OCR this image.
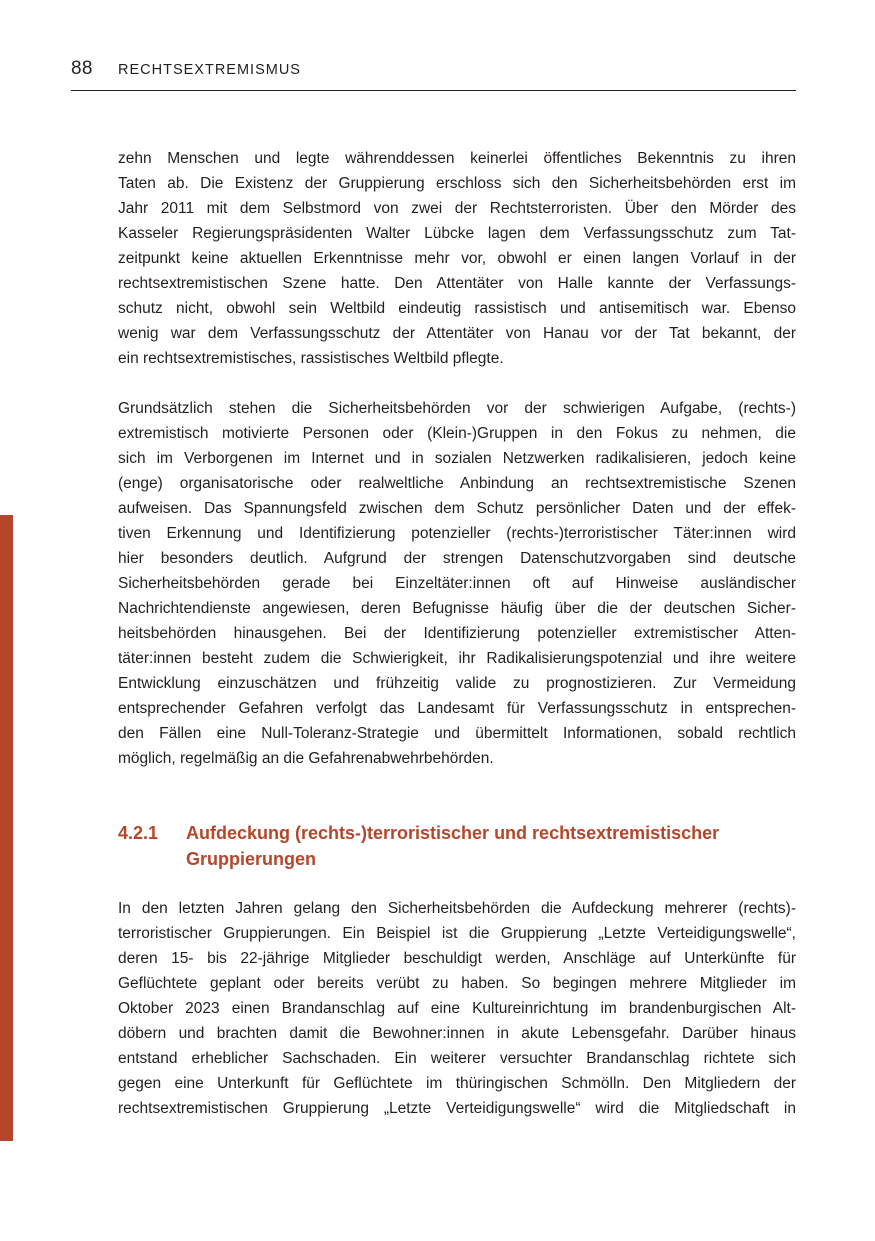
88 RECHTSEXTREMISMUS

zehn Menschen und legte währenddessen keinerlei öffentliches Bekenntnis zu ihren

Taten ab. Die Existenz der Gruppierung erschloss sich den Sicherheitsbehörden erst im

Jahr 2011 mit dem Selbstmord von zwei der Rechtsterroristen. Über den Mörder des

Kasseler Regierungspräsidenten Walter Lübcke lagen dem Verfassungsschutz zum Tat-

zeitpunkt keine aktuellen Erkenntnisse mehr vor, obwohl er einen langen Vorlauf in der

rechtsextremistischen Szene hatte. Den Attentäter von Halle kannte der Verfassungs-

schutz nicht, obwohl sein Weltbild eindeutig rassistisch und antisemitisch war. Ebenso

wenig war dem Verfassungsschutz der Attentäter von Hanau vor der Tat bekannt, der

ein rechtsextremistisches, rassistisches Weltbild pflegte.

Grundsätzlich stehen die Sicherheitsbehörden vor der schwierigen Aufgabe, (rechts-)

extremistisch motivierte Personen oder (Klein-)Gruppen in den Fokus zu nehmen, die

sich im Verborgenen im Internet und in sozialen Netzwerken radikalisieren, jedoch keine

(enge) organisatorische oder realweltliche Anbindung an rechtsextremistische Szenen

aufweisen. Das Spannungsfeld zwischen dem Schutz persönlicher Daten und der effek-

tiven Erkennung und Identifizierung potenzieller (rechts-)terroristischer Täter:innen wird

hier besonders deutlich. Aufgrund der strengen Datenschutzvorgaben sind deutsche

Sicherheitsbehörden gerade bei Einzeltäter:innen oft auf Hinweise ausländischer

Nachrichtendienste angewiesen, deren Befugnisse häufig über die der deutschen Sicher-

heitsbehörden hinausgehen. Bei der Identifizierung potenzieller extremistischer Atten-

täter:innen besteht zudem die Schwierigkeit, ihr Radikalisierungspotenzial und ihre weitere

Entwicklung einzuschätzen und frühzeitig valide zu prognostizieren. Zur Vermeidung

entsprechender Gefahren verfolgt das Landesamt für Verfassungsschutz in entsprechen-

den Fällen eine Null-Toleranz-Strategie und übermittelt Informationen, sobald rechtlich

möglich, regelmäßig an die Gefahrenabwehrbehörden.

4.2.1 Aufdeckung (rechts-)terroristischer und rechtsextremistischer
Gruppierungen

In den letzten Jahren gelang den Sicherheitsbehörden die Aufdeckung mehrerer (rechts)-

terroristischer Gruppierungen. Ein Beispiel ist die Gruppierung „Letzte Verteidigungswelle“,

deren 15- bis 22-jährige Mitglieder beschuldigt werden, Anschläge auf Unterkünfte für

Geflüchtete geplant oder bereits verübt zu haben. So begingen mehrere Mitglieder im

Oktober 2023 einen Brandanschlag auf eine Kultureinrichtung im brandenburgischen Alt-

döbern und brachten damit die Bewohner:innen in akute Lebensgefahr. Darüber hinaus

entstand erheblicher Sachschaden. Ein weiterer versuchter Brandanschlag richtete sich

gegen eine Unterkunft für Geflüchtete im thüringischen Schmölln. Den Mitgliedern der

rechtsextremistischen Gruppierung „Letzte Verteidigungswelle“ wird die Mitgliedschaft in
